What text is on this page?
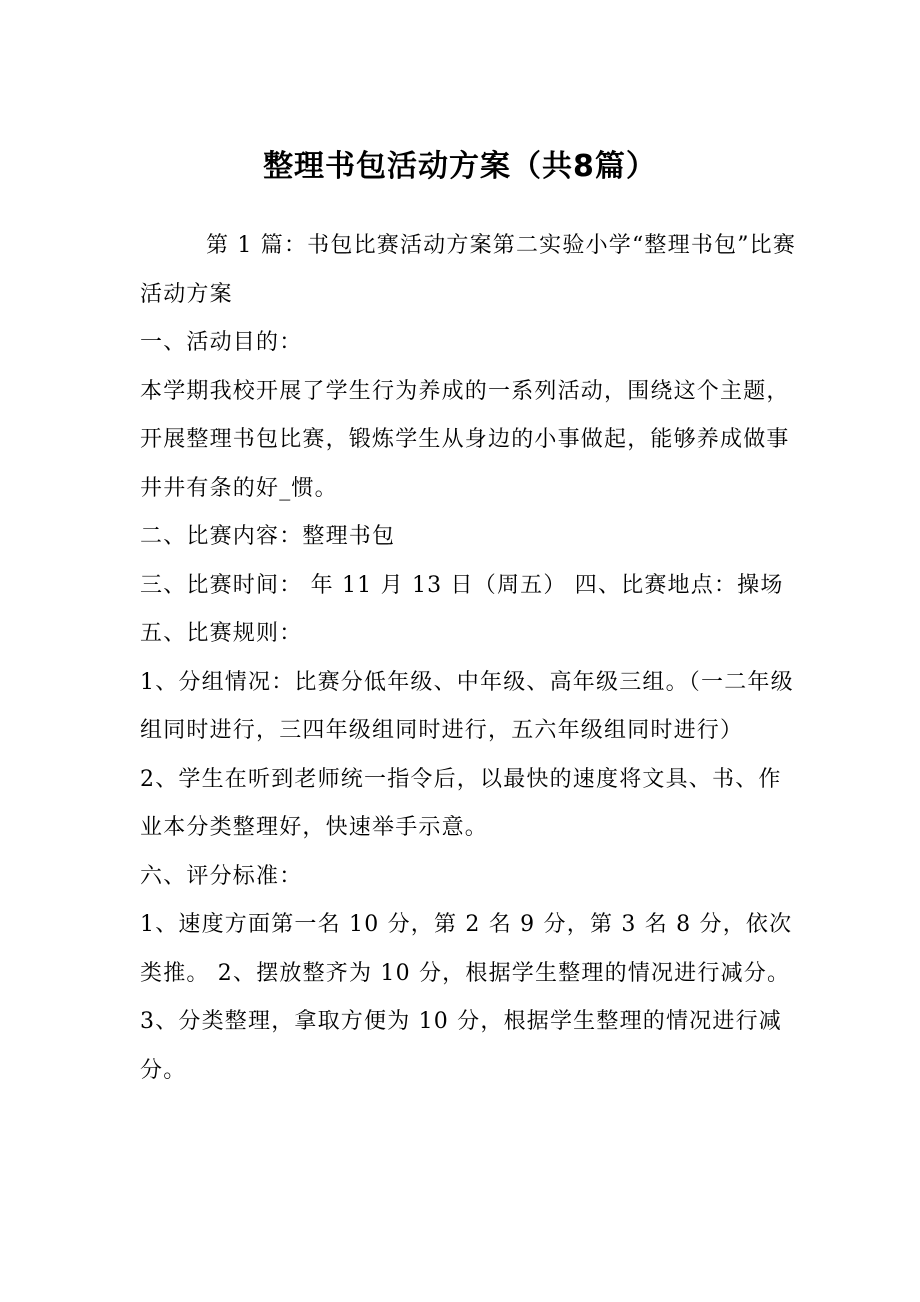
整理书包活动方案（共8篇）

第 1 篇：书包比赛活动方案第二实验小学“整理书包”比赛活动方案

一、活动目的：

本学期我校开展了学生行为养成的一系列活动，围绕这个主题，开展整理书包比赛，锻炼学生从身边的小事做起，能够养成做事井井有条的好_惯。

二、比赛内容：整理书包

三、比赛时间： 年 11 月 13 日（周五） 四、比赛地点：操场 五、比赛规则：

1、分组情况：比赛分低年级、中年级、高年级三组。（一二年级组同时进行，三四年级组同时进行，五六年级组同时进行）

2、学生在听到老师统一指令后，以最快的速度将文具、书、作业本分类整理好，快速举手示意。

六、评分标准：

1、速度方面第一名 10 分，第 2 名 9 分，第 3 名 8 分，依次类推。 2、摆放整齐为 10 分，根据学生整理的情况进行减分。

3、分类整理，拿取方便为 10 分，根据学生整理的情况进行减分。
